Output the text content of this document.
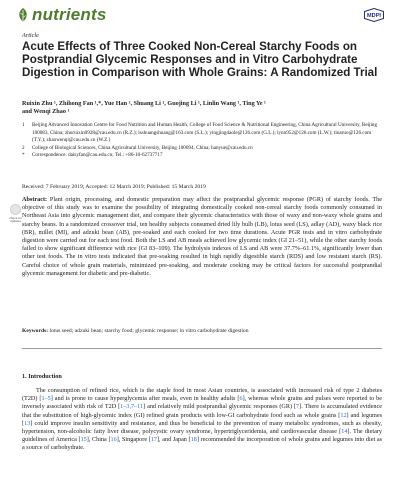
nutrients	MDPI
Article
Acute Effects of Three Cooked Non-Cereal Starchy Foods on Postprandial Glycemic Responses and in Vitro Carbohydrate Digestion in Comparison with Whole Grains: A Randomized Trial
Ruixin Zhu ¹, Zhihong Fan ¹,*, Yue Han ², Shuang Li ¹, Guojing Li ¹, Linlin Wang ¹, Ting Ye ¹
and Wenqi Zhao ¹
1	Beijing Advanced Innovation Centre for Food Nutrition and Human Health, College of Food Science & Nutritional Engineering, China Agricultural University, Beijing 100083, China; zhuruixin0928@cau.edu.cn (R.Z.); lsshuangshuang@163.com (S.L.); yingjingdaole@126.com (G.L.); lynn952@126.com (L.W.); tinaruo@126.com (T.Y.); zhaowenqi@cau.edu.cn (W.Z.)
2	College of Biological Sciences, China Agricultural University, Beijing 100094, China; hanyue@cau.edu.cn
*	Correspondence: daisyfan@cau.edu.cn; Tel.: +86-10-62737717
Received: 7 February 2019; Accepted: 12 March 2019; Published: 15 March 2019
check for updates

Abstract: Plant origin, processing, and domestic preparation may affect the postprandial glycemic response (PGR) of starchy foods. The objective of this study was to examine the possibility of integrating domestically cooked non-cereal starchy foods commonly consumed in Northeast Asia into glycemic management diet, and compare their glycemic characteristics with those of waxy and non-waxy whole grains and starchy beans. In a randomized crossover trial, ten healthy subjects consumed dried lily bulb (LB), lotus seed (LS), adlay (AD), waxy black rice (BR), millet (MI), and adzuki bean (AB), pre-soaked and each cooked for two time durations. Acute PGR tests and in vitro carbohydrate digestion were carried out for each test food. Both the LS and AB meals achieved low glycemic index (GI 21–51), while the other starchy foods failed to show significant difference with rice (GI 83–109). The hydrolysis indexes of LS and AB were 37.7%–61.1%, significantly lower than other test foods. The in vitro tests indicated that pre-soaking resulted in high rapidly digestible starch (RDS) and low resistant starch (RS). Careful choice of whole grain materials, minimized pre-soaking, and moderate cooking may be critical factors for successful postprandial glycemic management for diabetic and pre-diabetic.

Keywords: lotus seed; adzuki bean; starchy food; glycemic response; in vitro carbohydrate digestion
1. Introduction

The consumption of refined rice, which is the staple food in most Asian countries, is associated with increased risk of type 2 diabetes (T2D) [1–5] and is prone to cause hyperglycemia after meals, even in healthy adults [6], whereas whole grains and pulses were reported to be inversely associated with risk of T2D [1–3,7–11] and relatively mild postprandial glycemic responses (GR) [7]. There is accumulated evidence that the substitution of high-glycemic index (GI) refined grain products with low-GI carbohydrate food such as whole grains [12] and legumes [13] could improve insulin sensitivity and resistance, and thus be beneficial to the prevention of many metabolic syndromes, such as obesity, hypertension, non-alcoholic fatty liver disease, polycystic ovary syndrome, hypertriglyceridemia, and cardiovascular disease [14]. The dietary guidelines of America [15], China [16], Singapore [17], and Japan [18] recommended the incorporation of whole grains and legumes into diet as a source of carbohydrate.
